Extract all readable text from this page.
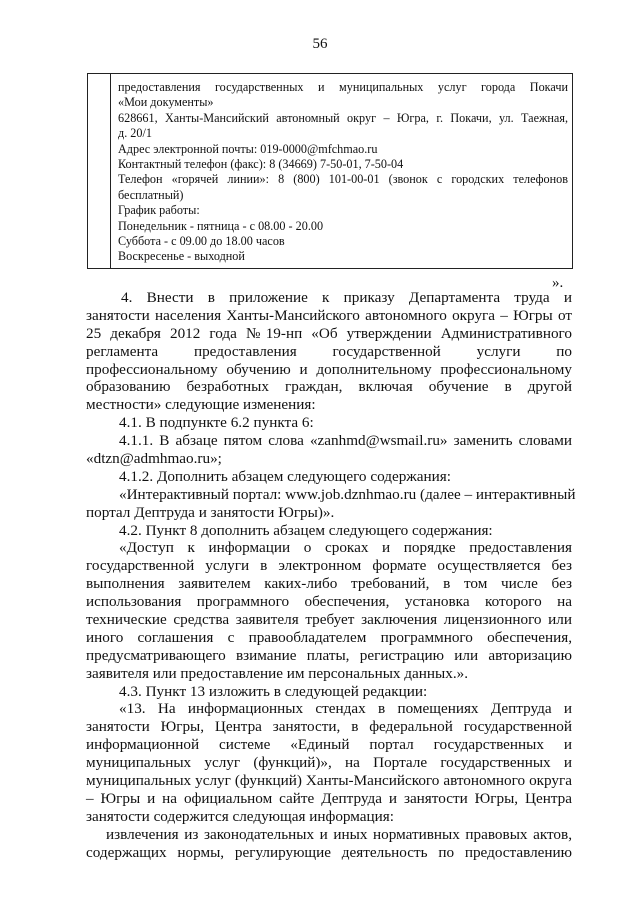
56

предоставления государственных и муниципальных услуг города Покачи

«Мои документы»

628661, Ханты-Мансийский автономный округ – Югра, г. Покачи, ул. Таежная,

д. 20/1

Адрес электронной почты: 019-0000@mfchmao.ru

Контактный телефон (факс): 8 (34669) 7-50-01, 7-50-04

Телефон «горячей линии»: 8 (800) 101-00-01 (звонок с городских телефонов

бесплатный)

График работы:

Понедельник - пятница - с 08.00 - 20.00

Суббота - с 09.00 до 18.00 часов

Воскресенье - выходной

».
4. Внести в приложение к приказу Департамента труда и
занятости населения Ханты-Мансийского автономного округа – Югры от
25 декабря 2012 года №19-нп «Об утверждении Административного
регламента предоставления государственной услуги по
профессиональному обучению и дополнительному профессиональному
образованию безработных граждан, включая обучение в другой
местности» следующие изменения:
4.1. В подпункте 6.2 пункта 6:
4.1.1. В абзаце пятом слова «zanhmd@wsmail.ru» заменить словами
«dtzn@admhmao.ru»;
4.1.2. Дополнить абзацем следующего содержания:
«Интерактивный портал: www.job.dznhmao.ru (далее – интерактивный
портал Дептруда и занятости Югры)».
4.2. Пункт 8 дополнить абзацем следующего содержания:
«Доступ к информации о сроках и порядке предоставления
государственной услуги в электронном формате осуществляется без
выполнения заявителем каких-либо требований, в том числе без
использования программного обеспечения, установка которого на
технические средства заявителя требует заключения лицензионного или
иного соглашения с правообладателем программного обеспечения,
предусматривающего взимание платы, регистрацию или авторизацию
заявителя или предоставление им персональных данных.».
4.3. Пункт 13 изложить в следующей редакции:
«13. На информационных стендах в помещениях Дептруда и
занятости Югры, Центра занятости, в федеральной государственной
информационной системе «Единый портал государственных и
муниципальных услуг (функций)», на Портале государственных и
муниципальных услуг (функций) Ханты-Мансийского автономного округа
– Югры и на официальном сайте Дептруда и занятости Югры, Центра
занятости содержится следующая информация:
извлечения из законодательных и иных нормативных правовых актов,
содержащих нормы, регулирующие деятельность по предоставлению
